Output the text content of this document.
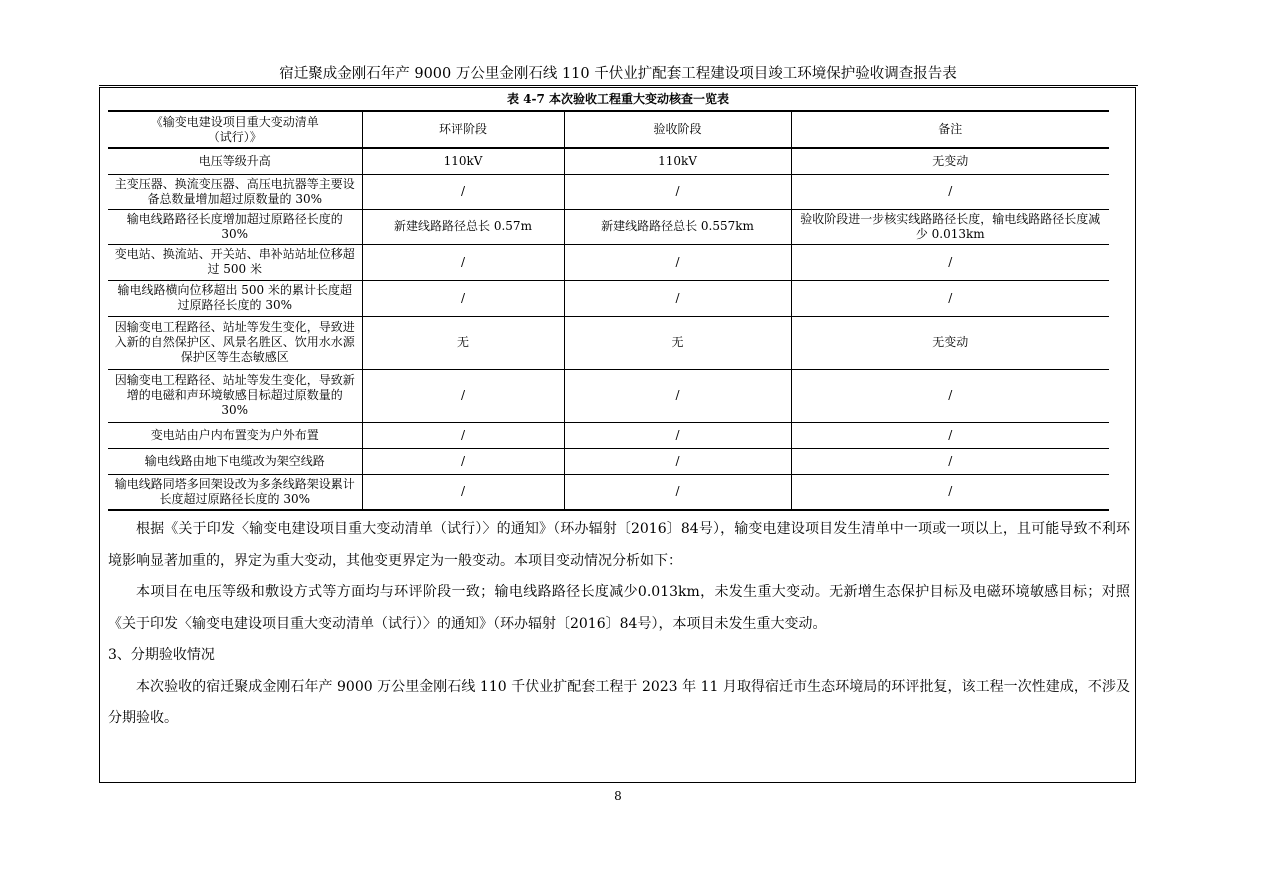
宿迁聚成金刚石年产 9000 万公里金刚石线 110 千伏业扩配套工程建设项目竣工环境保护验收调查报告表
表 4-7 本次验收工程重大变动核查一览表
《输变电建设项目重大变动清单（试行）》	环评阶段	验收阶段	备注
电压等级升高	110kV	110kV	无变动
主变压器、换流变压器、高压电抗器等主要设备总数量增加超过原数量的 30%	/	/	/
输电线路路径长度增加超过原路径长度的 30%	新建线路路径总长 0.57m	新建线路路径总长 0.557km	验收阶段进一步核实线路路径长度，输电线路路径长度减少 0.013km
变电站、换流站、开关站、串补站站址位移超过 500 米	/	/	/
输电线路横向位移超出 500 米的累计长度超过原路径长度的 30%	/	/	/
因输变电工程路径、站址等发生变化，导致进入新的自然保护区、风景名胜区、饮用水水源保护区等生态敏感区	无	无	无变动
因输变电工程路径、站址等发生变化，导致新增的电磁和声环境敏感目标超过原数量的 30%	/	/	/
变电站由户内布置变为户外布置	/	/	/
输电线路由地下电缆改为架空线路	/	/	/
输电线路同塔多回架设改为多条线路架设累计长度超过原路径长度的 30%	/	/	/

根据《关于印发〈输变电建设项目重大变动清单（试行）〉的通知》（环办辐射〔2016〕84号），输变电建设项目发生清单中一项或一项以上，且可能导致不利环境影响显著加重的，界定为重大变动，其他变更界定为一般变动。本项目变动情况分析如下：

本项目在电压等级和敷设方式等方面均与环评阶段一致；输电线路路径长度减少0.013km，未发生重大变动。无新增生态保护目标及电磁环境敏感目标；对照《关于印发〈输变电建设项目重大变动清单（试行）〉的通知》（环办辐射〔2016〕84号），本项目未发生重大变动。

3、分期验收情况

本次验收的宿迁聚成金刚石年产 9000 万公里金刚石线 110 千伏业扩配套工程于 2023 年 11 月取得宿迁市生态环境局的环评批复，该工程一次性建成，不涉及分期验收。

8
